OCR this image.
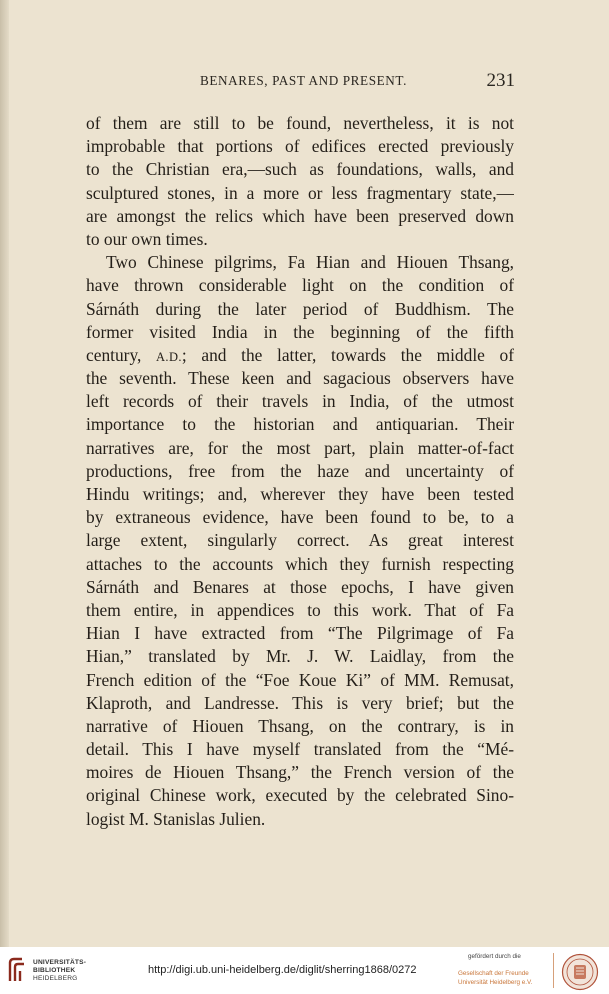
BENARES, PAST AND PRESENT.	231
of them are still to be found, nevertheless, it is not
improbable that portions of edifices erected previously
to the Christian era,—such as foundations, walls, and
sculptured stones, in a more or less fragmentary state,—
are amongst the relics which have been preserved down
to our own times.
Two Chinese pilgrims, Fa Hian and Hiouen Thsang,
have thrown considerable light on the condition of
Sárnáth during the later period of Buddhism. The
former visited India in the beginning of the fifth
century, A.D.; and the latter, towards the middle of
the seventh. These keen and sagacious observers have
left records of their travels in India, of the utmost
importance to the historian and antiquarian. Their
narratives are, for the most part, plain matter-of-fact
productions, free from the haze and uncertainty of
Hindu writings; and, wherever they have been tested
by extraneous evidence, have been found to be, to a
large extent, singularly correct. As great interest
attaches to the accounts which they furnish respecting
Sárnáth and Benares at those epochs, I have given
them entire, in appendices to this work. That of Fa
Hian I have extracted from “The Pilgrimage of Fa
Hian,” translated by Mr. J. W. Laidlay, from the
French edition of the “Foe Koue Ki” of MM. Remusat,
Klaproth, and Landresse. This is very brief; but the
narrative of Hiouen Thsang, on the contrary, is in
detail. This I have myself translated from the “Mé-
moires de Hiouen Thsang,” the French version of the
original Chinese work, executed by the celebrated Sino-
logist M. Stanislas Julien.
UNIVERSITÄTS-
BIBLIOTHEK
HEIDELBERG
http://digi.ub.uni-heidelberg.de/diglit/sherring1868/0272
gefördert durch die
Gesellschaft der Freunde
Universität Heidelberg e.V.
